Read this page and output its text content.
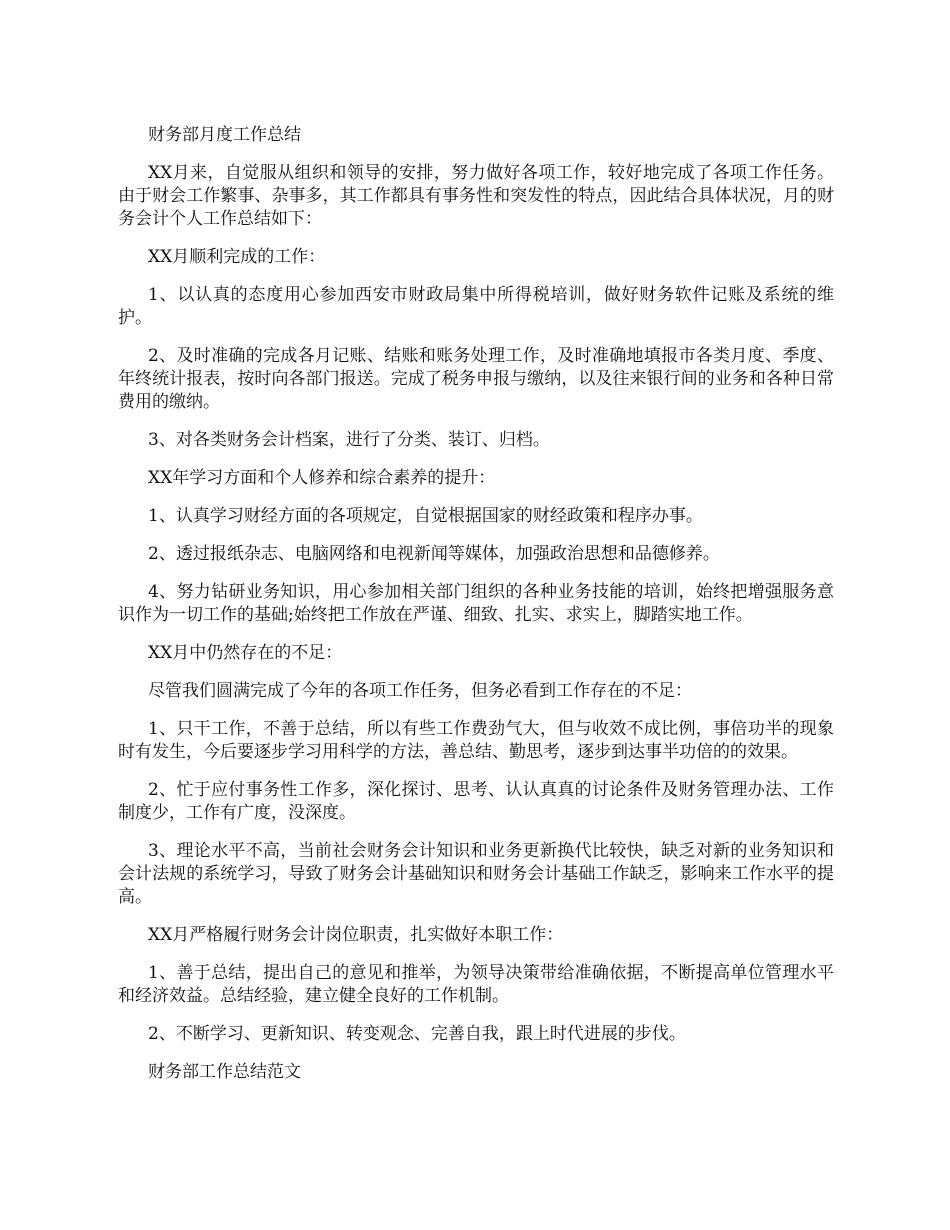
财务部月度工作总结

XX月来，自觉服从组织和领导的安排，努力做好各项工作，较好地完成了各项工作任务。由于财会工作繁事、杂事多，其工作都具有事务性和突发性的特点，因此结合具体状况，月的财务会计个人工作总结如下：

XX月顺利完成的工作：

1、以认真的态度用心参加西安市财政局集中所得税培训，做好财务软件记账及系统的维护。

2、及时准确的完成各月记账、结账和账务处理工作，及时准确地填报市各类月度、季度、年终统计报表，按时向各部门报送。完成了税务申报与缴纳，以及往来银行间的业务和各种日常费用的缴纳。

3、对各类财务会计档案，进行了分类、装订、归档。

XX年学习方面和个人修养和综合素养的提升：

1、认真学习财经方面的各项规定，自觉根据国家的财经政策和程序办事。

2、透过报纸杂志、电脑网络和电视新闻等媒体，加强政治思想和品德修养。

4、努力钻研业务知识，用心参加相关部门组织的各种业务技能的培训，始终把增强服务意识作为一切工作的基础;始终把工作放在严谨、细致、扎实、求实上，脚踏实地工作。

XX月中仍然存在的不足：

尽管我们圆满完成了今年的各项工作任务，但务必看到工作存在的不足：

1、只干工作，不善于总结，所以有些工作费劲气大，但与收效不成比例，事倍功半的现象时有发生，今后要逐步学习用科学的方法，善总结、勤思考，逐步到达事半功倍的的效果。

2、忙于应付事务性工作多，深化探讨、思考、认认真真的讨论条件及财务管理办法、工作制度少，工作有广度，没深度。

3、理论水平不高，当前社会财务会计知识和业务更新换代比较快，缺乏对新的业务知识和会计法规的系统学习，导致了财务会计基础知识和财务会计基础工作缺乏，影响来工作水平的提高。

XX月严格履行财务会计岗位职责，扎实做好本职工作：

1、善于总结，提出自己的意见和推举，为领导决策带给准确依据，不断提高单位管理水平和经济效益。总结经验，建立健全良好的工作机制。

2、不断学习、更新知识、转变观念、完善自我，跟上时代进展的步伐。

财务部工作总结范文
